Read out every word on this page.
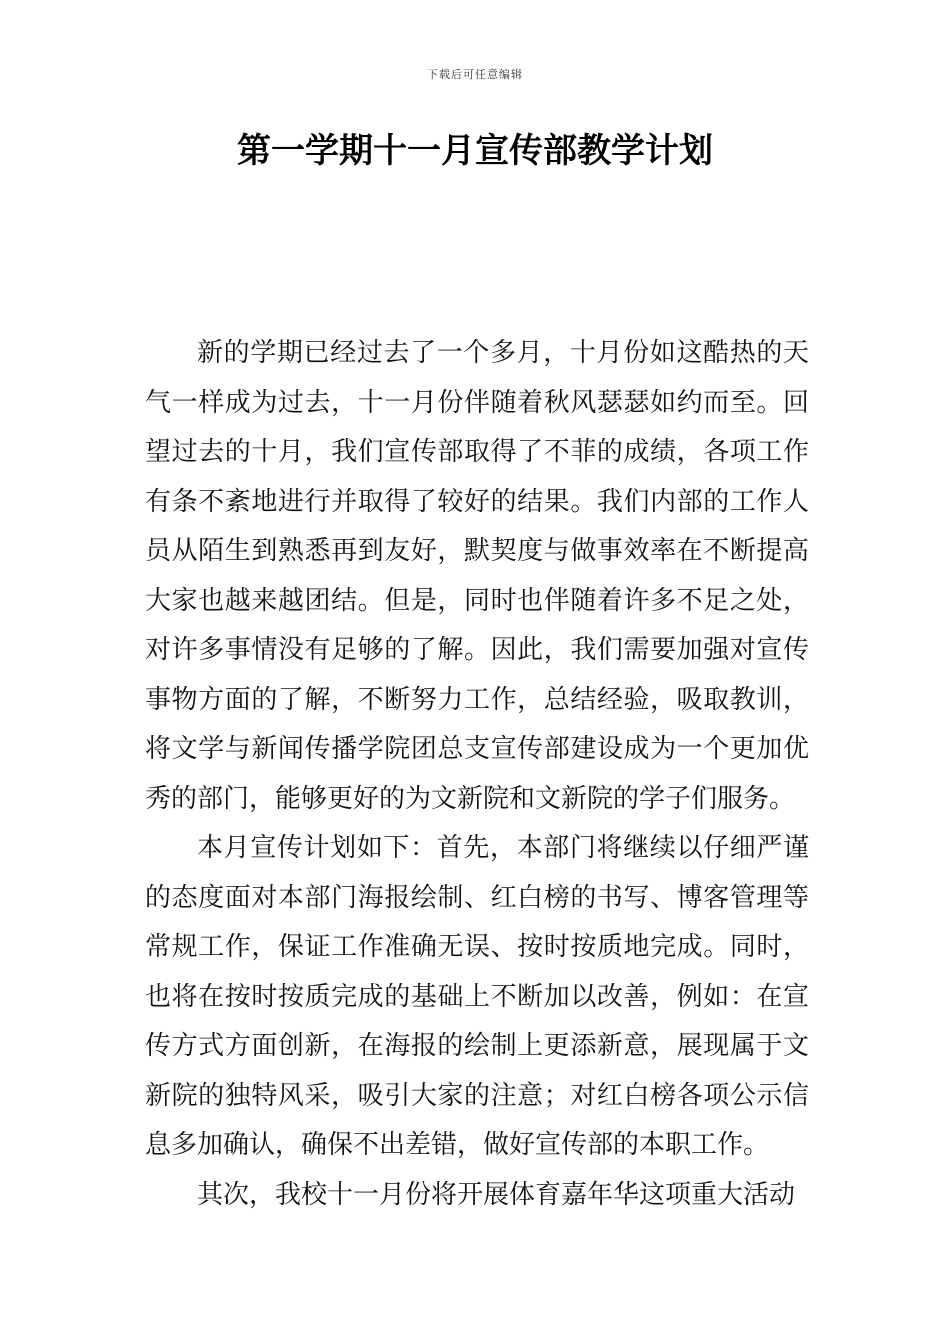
下载后可任意编辑
第一学期十一月宣传部教学计划

新的学期已经过去了一个多月，十月份如这酷热的天气一样成为过去，十一月份伴随着秋风瑟瑟如约而至。回望过去的十月，我们宣传部取得了不菲的成绩，各项工作有条不紊地进行并取得了较好的结果。我们内部的工作人员从陌生到熟悉再到友好，默契度与做事效率在不断提高大家也越来越团结。但是，同时也伴随着许多不足之处，对许多事情没有足够的了解。因此，我们需要加强对宣传事物方面的了解，不断努力工作，总结经验，吸取教训，将文学与新闻传播学院团总支宣传部建设成为一个更加优秀的部门，能够更好的为文新院和文新院的学子们服务。

本月宣传计划如下：首先，本部门将继续以仔细严谨的态度面对本部门海报绘制、红白榜的书写、博客管理等常规工作，保证工作准确无误、按时按质地完成。同时，也将在按时按质完成的基础上不断加以改善，例如：在宣传方式方面创新，在海报的绘制上更添新意，展现属于文新院的独特风采，吸引大家的注意；对红白榜各项公示信息多加确认，确保不出差错，做好宣传部的本职工作。

其次，我校十一月份将开展体育嘉年华这项重大活动
